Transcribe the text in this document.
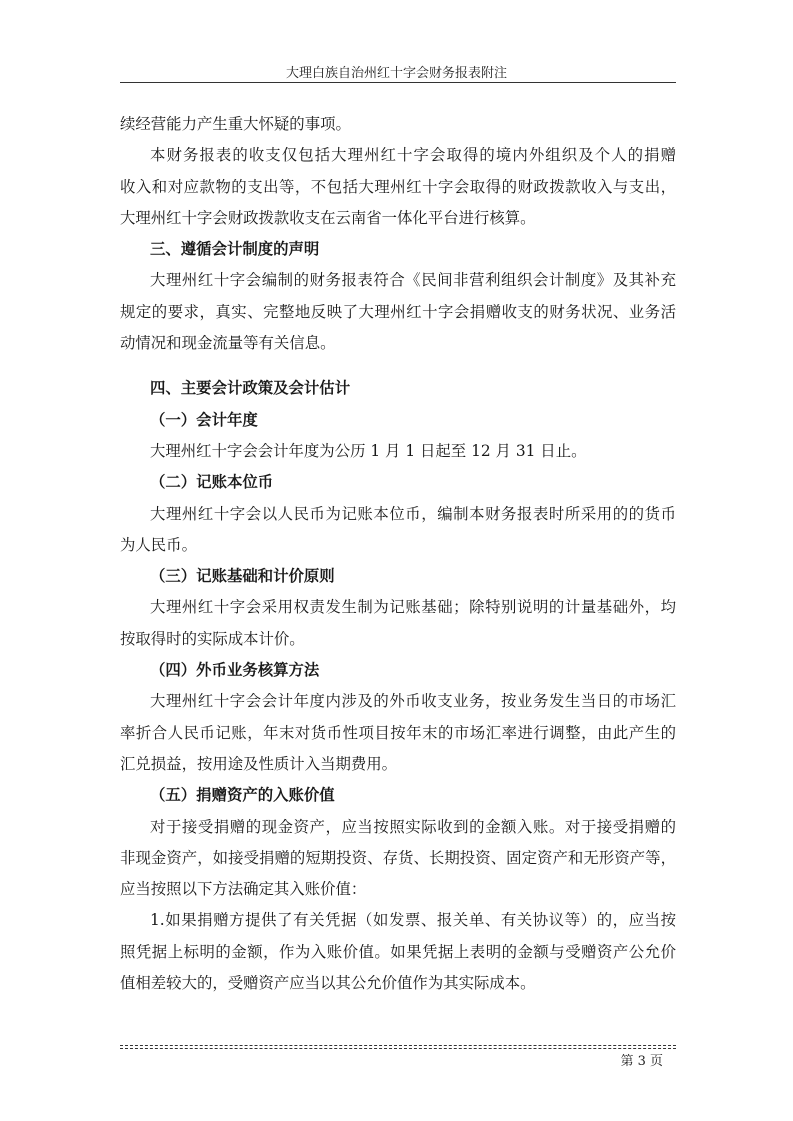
大理白族自治州红十字会财务报表附注
续经营能力产生重大怀疑的事项。
本财务报表的收支仅包括大理州红十字会取得的境内外组织及个人的捐赠
收入和对应款物的支出等，不包括大理州红十字会取得的财政拨款收入与支出，
大理州红十字会财政拨款收支在云南省一体化平台进行核算。
三、遵循会计制度的声明
大理州红十字会编制的财务报表符合《民间非营利组织会计制度》及其补充
规定的要求，真实、完整地反映了大理州红十字会捐赠收支的财务状况、业务活
动情况和现金流量等有关信息。
四、主要会计政策及会计估计
（一）会计年度
大理州红十字会会计年度为公历 1 月 1 日起至 12 月 31 日止。
（二）记账本位币
大理州红十字会以人民币为记账本位币，编制本财务报表时所采用的的货币
为人民币。
（三）记账基础和计价原则
大理州红十字会采用权责发生制为记账基础；除特别说明的计量基础外，均
按取得时的实际成本计价。
（四）外币业务核算方法
大理州红十字会会计年度内涉及的外币收支业务，按业务发生当日的市场汇
率折合人民币记账，年末对货币性项目按年末的市场汇率进行调整，由此产生的
汇兑损益，按用途及性质计入当期费用。
（五）捐赠资产的入账价值
对于接受捐赠的现金资产，应当按照实际收到的金额入账。对于接受捐赠的
非现金资产，如接受捐赠的短期投资、存货、长期投资、固定资产和无形资产等，
应当按照以下方法确定其入账价值：
1.如果捐赠方提供了有关凭据（如发票、报关单、有关协议等）的，应当按
照凭据上标明的金额，作为入账价值。如果凭据上表明的金额与受赠资产公允价
值相差较大的，受赠资产应当以其公允价值作为其实际成本。
第 3 页
